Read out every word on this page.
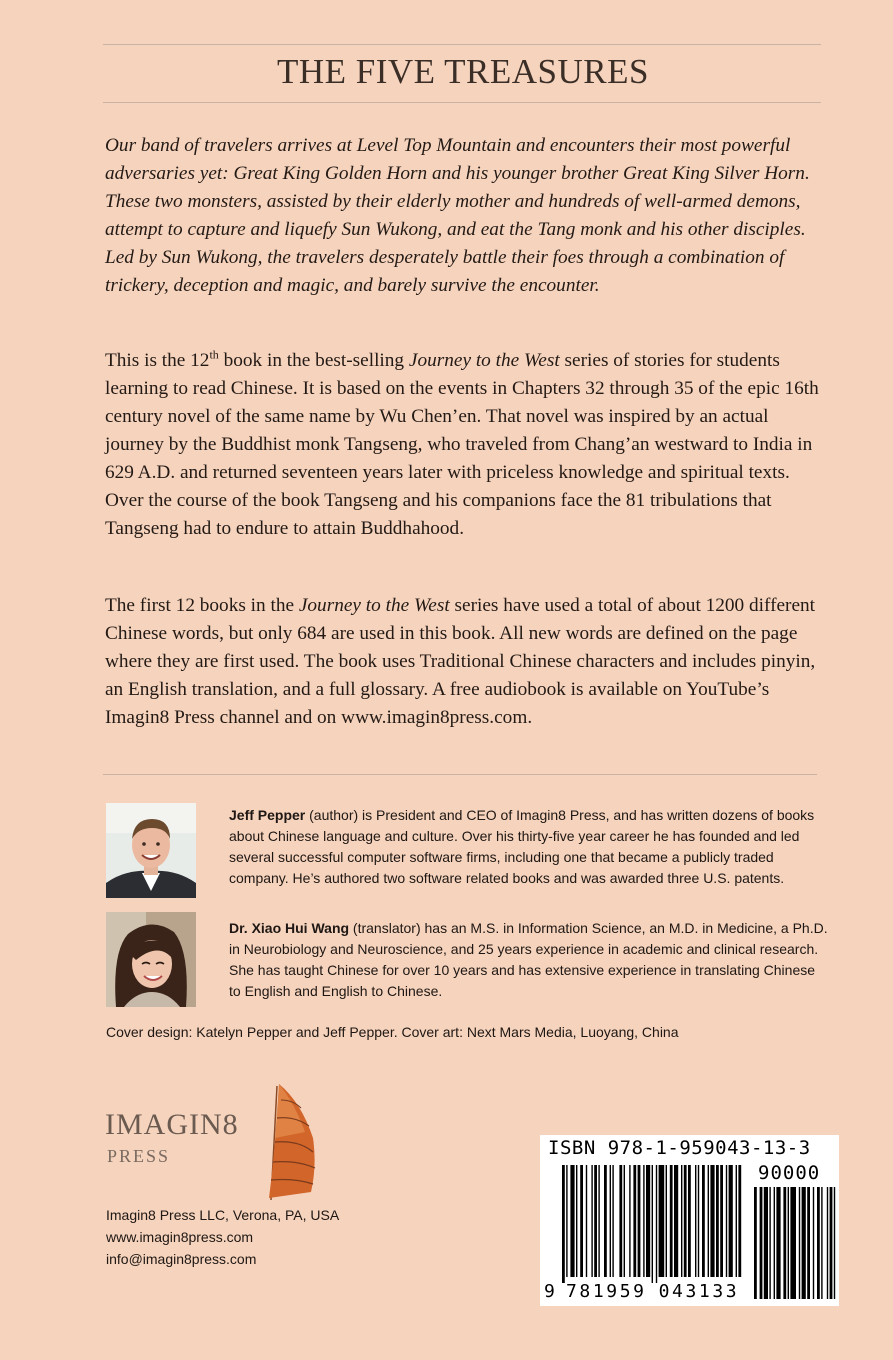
THE FIVE TREASURES

Our band of travelers arrives at Level Top Mountain and encounters their most powerful adversaries yet: Great King Golden Horn and his younger brother Great King Silver Horn. These two monsters, assisted by their elderly mother and hundreds of well-armed demons, attempt to capture and liquefy Sun Wukong, and eat the Tang monk and his other disciples. Led by Sun Wukong, the travelers desperately battle their foes through a combination of trickery, deception and magic, and barely survive the encounter.

This is the 12th book in the best-selling Journey to the West series of stories for students learning to read Chinese. It is based on the events in Chapters 32 through 35 of the epic 16th century novel of the same name by Wu Chen’en. That novel was inspired by an actual journey by the Buddhist monk Tangseng, who traveled from Chang’an westward to India in 629 A.D. and returned seventeen years later with priceless knowledge and spiritual texts. Over the course of the book Tangseng and his companions face the 81 tribulations that Tangseng had to endure to attain Buddhahood.

The first 12 books in the Journey to the West series have used a total of about 1200 different Chinese words, but only 684 are used in this book. All new words are defined on the page where they are first used. The book uses Traditional Chinese characters and includes pinyin, an English translation, and a full glossary. A free audiobook is available on YouTube’s Imagin8 Press channel and on www.imagin8press.com.

Jeff Pepper (author) is President and CEO of Imagin8 Press, and has written dozens of books about Chinese language and culture. Over his thirty-five year career he has founded and led several successful computer software firms, including one that became a publicly traded company. He’s authored two software related books and was awarded three U.S. patents.

Dr. Xiao Hui Wang (translator) has an M.S. in Information Science, an M.D. in Medicine, a Ph.D. in Neurobiology and Neuroscience, and 25 years experience in academic and clinical research. She has taught Chinese for over 10 years and has extensive experience in translating Chinese to English and English to Chinese.

Cover design: Katelyn Pepper and Jeff Pepper. Cover art: Next Mars Media, Luoyang, China
IMAGIN8
PRESS
Imagin8 Press LLC, Verona, PA, USA
www.imagin8press.com
info@imagin8press.com
ISBN 978-1-959043-13-3
90000
9 781959 043133
